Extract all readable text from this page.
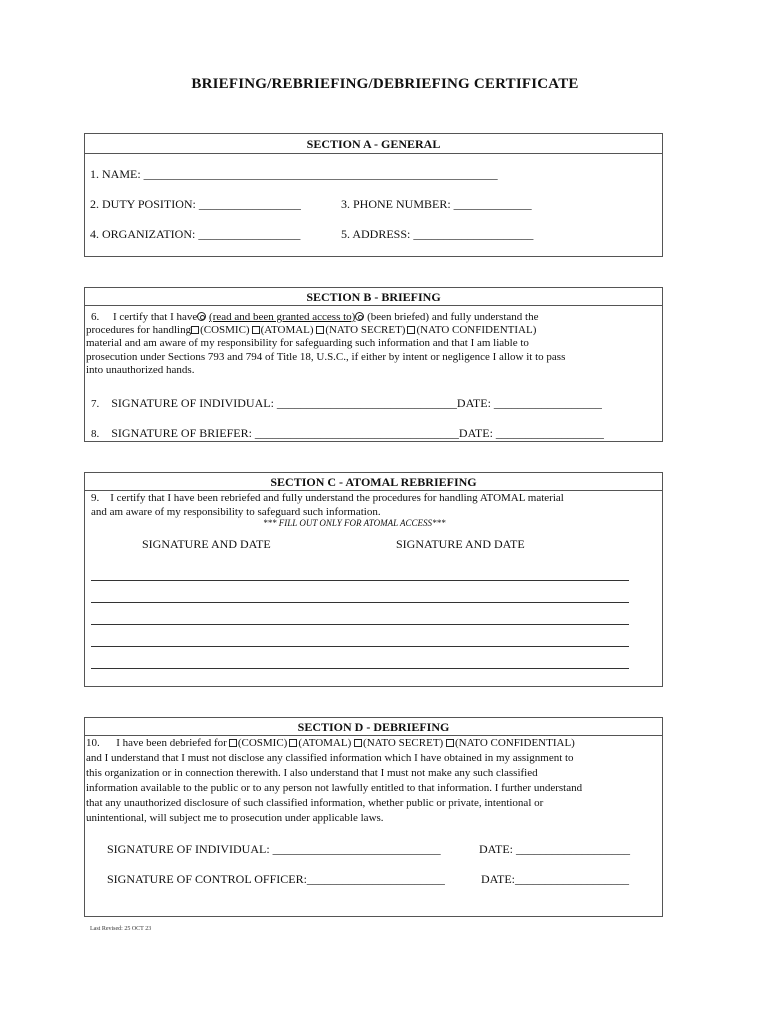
BRIEFING/REBRIEFING/DEBRIEFING CERTIFICATE
SECTION A - GENERAL
1. NAME: ___________________________________________________________
2. DUTY POSITION: _________________	3. PHONE NUMBER: _____________
4. ORGANIZATION: _________________	5. ADDRESS: ____________________
SECTION B - BRIEFING
6. I certify that I have (read and been granted access to) (been briefed) and fully understand the
procedures for handling (COSMIC) (ATOMAL) (NATO SECRET) (NATO CONFIDENTIAL)
material and am aware of my responsibility for safeguarding such information and that I am liable to
prosecution under Sections 793 and 794 of Title 18, U.S.C., if either by intent or negligence I allow it to pass
into unauthorized hands.
7. SIGNATURE OF INDIVIDUAL: ______________________________DATE: __________________
8. SIGNATURE OF BRIEFER: __________________________________DATE: __________________
SECTION C - ATOMAL REBRIEFING
9. I certify that I have been rebriefed and fully understand the procedures for handling ATOMAL material
and am aware of my responsibility to safeguard such information.
*** FILL OUT ONLY FOR ATOMAL ACCESS***
SIGNATURE AND DATE	SIGNATURE AND DATE
SECTION D - DEBRIEFING
10. I have been debriefed for (COSMIC) (ATOMAL) (NATO SECRET) (NATO CONFIDENTIAL)
and I understand that I must not disclose any classified information which I have obtained in my assignment to
this organization or in connection therewith. I also understand that I must not make any such classified
information available to the public or to any person not lawfully entitled to that information. I further understand
that any unauthorized disclosure of such classified information, whether public or private, intentional or
unintentional, will subject me to prosecution under applicable laws.
SIGNATURE OF INDIVIDUAL: ____________________________	DATE: ___________________
SIGNATURE OF CONTROL OFFICER:_______________________	DATE:___________________
Last Revised: 25 OCT 23
